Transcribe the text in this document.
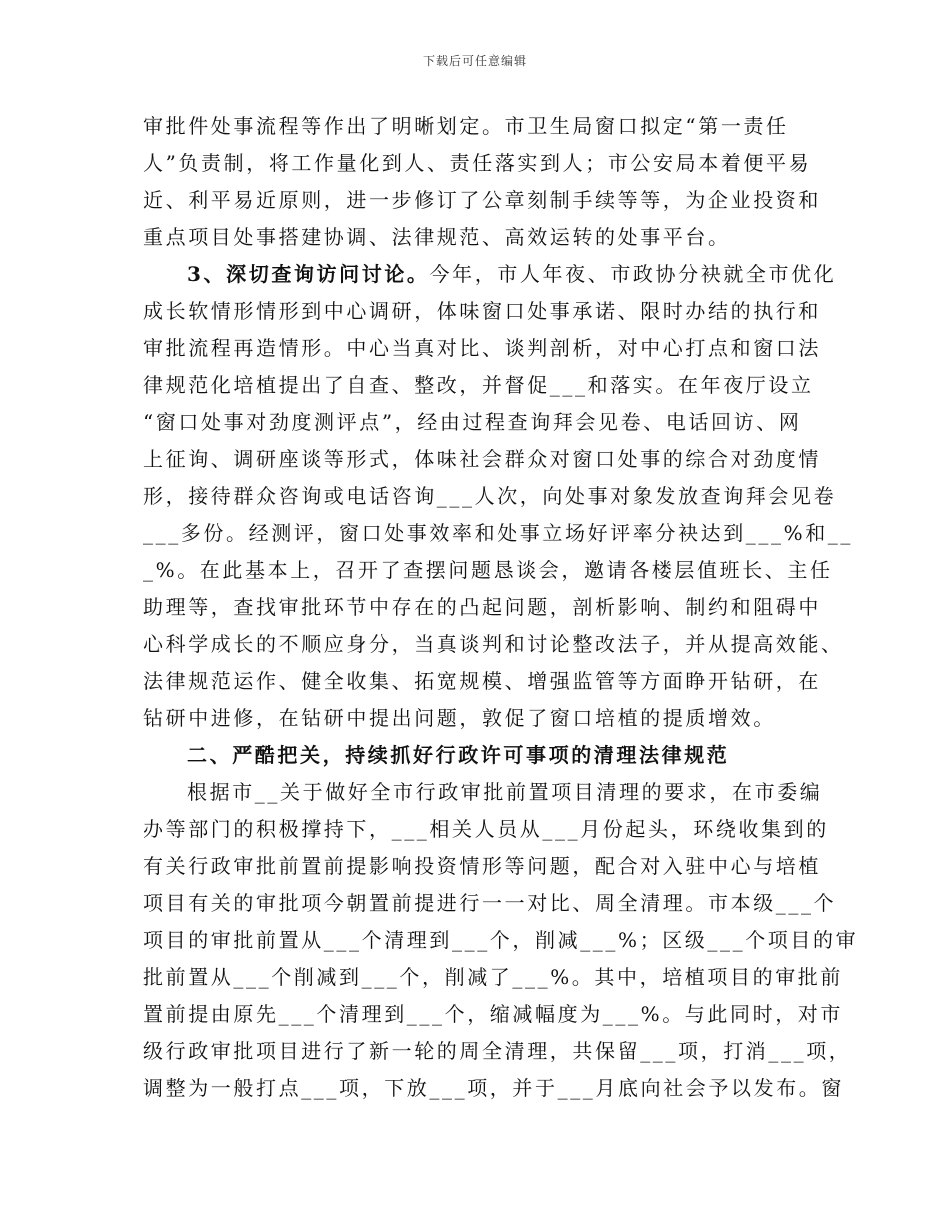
下载后可任意编辑
审批件处事流程等作出了明晰划定。市卫生局窗口拟定“第一责任
人”负责制，将工作量化到人、责任落实到人；市公安局本着便平易
近、利平易近原则，进一步修订了公章刻制手续等等，为企业投资和
重点项目处事搭建协调、法律规范、高效运转的处事平台。
3、深切查询访问讨论。今年，市人年夜、市政协分袂就全市优化
成长软情形情形到中心调研，体味窗口处事承诺、限时办结的执行和
审批流程再造情形。中心当真对比、谈判剖析，对中心打点和窗口法
律规范化培植提出了自查、整改，并督促___和落实。在年夜厅设立
“窗口处事对劲度测评点”，经由过程查询拜会见卷、电话回访、网
上征询、调研座谈等形式，体味社会群众对窗口处事的综合对劲度情
形，接待群众咨询或电话咨询___人次，向处事对象发放查询拜会见卷
___多份。经测评，窗口处事效率和处事立场好评率分袂达到___%和__
_%。在此基本上，召开了查摆问题恳谈会，邀请各楼层值班长、主任
助理等，查找审批环节中存在的凸起问题，剖析影响、制约和阻碍中
心科学成长的不顺应身分，当真谈判和讨论整改法子，并从提高效能、
法律规范运作、健全收集、拓宽规模、增强监管等方面睁开钻研，在
钻研中进修，在钻研中提出问题，敦促了窗口培植的提质增效。
二、严酷把关，持续抓好行政许可事项的清理法律规范
根据市__关于做好全市行政审批前置项目清理的要求，在市委编
办等部门的积极撑持下，___相关人员从___月份起头，环绕收集到的
有关行政审批前置前提影响投资情形等问题，配合对入驻中心与培植
项目有关的审批项今朝置前提进行一一对比、周全清理。市本级___个
项目的审批前置从___个清理到___个，削减___%；区级___个项目的审
批前置从___个削减到___个，削减了___%。其中，培植项目的审批前
置前提由原先___个清理到___个，缩减幅度为___%。与此同时，对市
级行政审批项目进行了新一轮的周全清理，共保留___项，打消___项，
调整为一般打点___项，下放___项，并于___月底向社会予以发布。窗
